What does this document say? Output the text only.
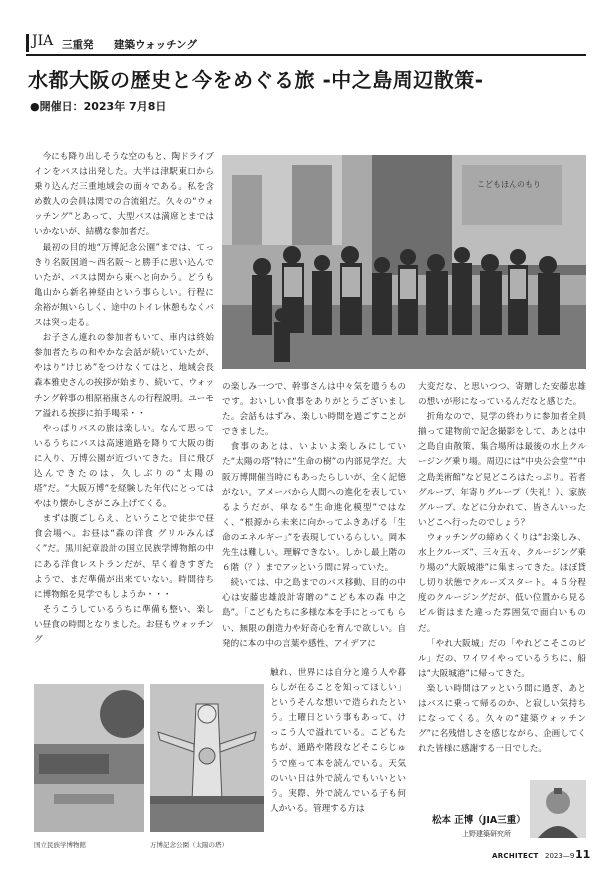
JIA 三重発 建築ウォッチング
水都大阪の歴史と今をめぐる旅 -中之島周辺散策-
●開催日：2023年 7月8日

今にも降り出しそうな空のもと、陶ドライブインをバスは出発した。大半は津駅東口から乗り込んだ三重地域会の面々である。私を含め数人の会員は関での合流組だ。久々の“ウォッチング”とあって、大型バスは満席とまではいかないが、結構な参加者だ。

最初の目的地“万博記念公園”までは、てっきり名阪国道～西名阪～と勝手に思い込んでいたが、バスは関から東へと向かう。どうも亀山から新名神経由という事らしい。行程に余裕が無いらしく、途中のトイレ休憩もなくバスは突っ走る。

お子さん連れの参加者もいて、車内は終始参加者たちの和やかな会話が続いていたが、やはり“けじめ”をつけなくてはと、地域会長森本雅史さんの挨拶が始まり、続いて、ウォッチング幹事の相原裕康さんの行程説明。ユーモア溢れる挨拶に拍手喝采・・

やっぱりバスの旅は楽しい。なんて思っているうちにバスは高速道路を降りて大阪の街に入り、万博公園が近づいてきた。目に飛び込んできたのは、久しぶりの“太陽の塔”だ。“大阪万博”を経験した年代にとってはやはり懐かしさがこみ上げてくる。

まずは腹ごしらえ、ということで徒歩で昼食会場へ。お昼は“森の洋食 グリルみんぱく”だ。黒川紀章設計の国立民族学博物館の中にある洋食レストランだが、早く着きすぎたようで、まだ準備が出来ていない。時間待ちに博物館を見学でもしようか・・・

そうこうしているうちに準備も整い、楽しい昼食の時間となりました。お昼もウォッチング

こどもほんのもり

の楽しみ一つで、幹事さんは中々気を遣うものです。おいしい食事をありがとうございました。会話もはずみ、楽しい時間を過ごすことができました。

食事のあとは、いよいよ楽しみにしていた“太陽の塔”特に“生命の樹”の内部見学だ。大阪万博開催当時にもあったらしいが、全く記憶がない。アメーバから人間への進化を表しているようだが、単なる“生命進化模型”ではなく、“根源から未来に向かってふきあげる「生命のエネルギー」”を表現しているらしい。岡本先生は難しい。理解できない。しかし最上階の６階（？）までアッという間に昇っていた。

続いては、中之島までのバス移動、目的の中心は安藤忠雄設計寄贈の“こども本の森 中之島”。「こどもたちに多様な本を手にとっても らい、無限の創造力や好奇心を育んで欲しい。自発的に本の中の言葉や感性、アイデアに

触れ、世界には自分と違う人や暮らしが在ることを知ってほしい」というそんな想いで造られたという。土曜日という事もあって、けっこう人で溢れている。こどもたちが、通路や階段などそこらじゅうで座って本を読んでいる。天気のいい日は外で読んでもいいという。実際、外で読んでいる子も何人かいる。管理する方は

大変だな、と思いつつ、寄贈した安藤忠雄の想いが形になっているんだなと感じた。

折角なので、見学の終わりに参加者全員揃って建物前で記念撮影をして、あとは中之島自由散策、集合場所は最後の水上クルージング乗り場。周辺には“中央公会堂”“中之島美術館”など見どころはたっぷり。若者グループ、年寄りグループ（失礼！）、家族グループ、などに分かれて、皆さんいったいどこへ行ったのでしょう？

ウォッチングの締めくくりは“お楽しみ、水上クルーズ”、三々五々、クルージング乗り場の“大阪城港”に集まってきた。ほぼ貸し切り状態でクルーズスタート。４５分程度のクルージングだが、低い位置から見るビル街はまた違った雰囲気で面白いものだ。

「やれ大阪城」だの「やれどこそこのビル」だの、ワイワイやっているうちに、船は“大阪城港”に帰ってきた。

楽しい時間はアッという間に過ぎ、あとはバスに乗って帰るのか、と寂しい気持ちになってくる。久々の“建築ウォッチング”に名残惜しさを感じながら、企画してくれた皆様に感謝する一日でした。

国立民族学博物館	万博記念公園（太陽の塔）
松本 正博（JIA三重）
上野建築研究所
ARCHITECT 2023—9 11
